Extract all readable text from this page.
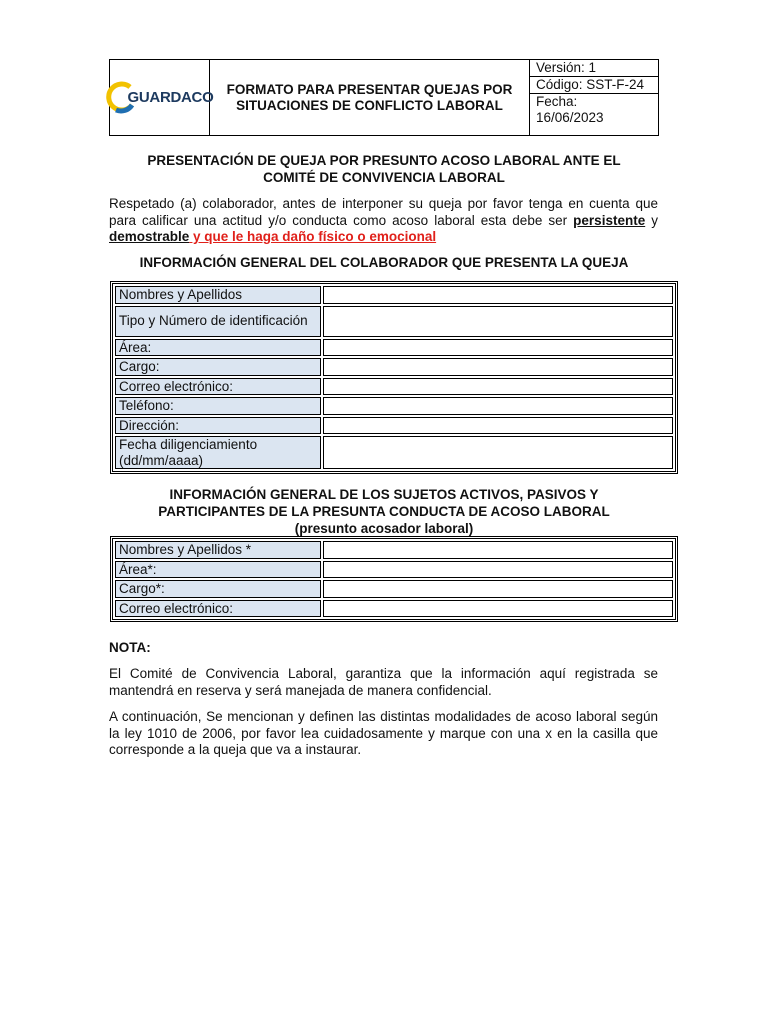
GUARDACO FORMATO PARA PRESENTAR QUEJAS POR SITUACIONES DE CONFLICTO LABORAL
Versión: 1
Código: SST-F-24
Fecha:
16/06/2023
PRESENTACIÓN DE QUEJA POR PRESUNTO ACOSO LABORAL ANTE EL
COMITÉ DE CONVIVENCIA LABORAL
Respetado (a) colaborador, antes de interponer su queja por favor tenga en cuenta que para calificar una actitud y/o conducta como acoso laboral esta debe ser persistente y demostrable y que le haga daño físico o emocional
INFORMACIÓN GENERAL DEL COLABORADOR QUE PRESENTA LA QUEJA
Nombres y Apellidos	
Tipo y Número de identificación	
Área:	
Cargo:	
Correo electrónico:	
Teléfono:	
Dirección:	
Fecha diligenciamiento (dd/mm/aaaa)	
INFORMACIÓN GENERAL DE LOS SUJETOS ACTIVOS, PASIVOS Y
PARTICIPANTES DE LA PRESUNTA CONDUCTA DE ACOSO LABORAL
(presunto acosador laboral)
Nombres y Apellidos *	
Área*:	
Cargo*:	
Correo electrónico:	
NOTA:
El Comité de Convivencia Laboral, garantiza que la información aquí registrada se mantendrá en reserva y será manejada de manera confidencial.
A continuación, Se mencionan y definen las distintas modalidades de acoso laboral según la ley 1010 de 2006, por favor lea cuidadosamente y marque con una x en la casilla que corresponde a la queja que va a instaurar.
